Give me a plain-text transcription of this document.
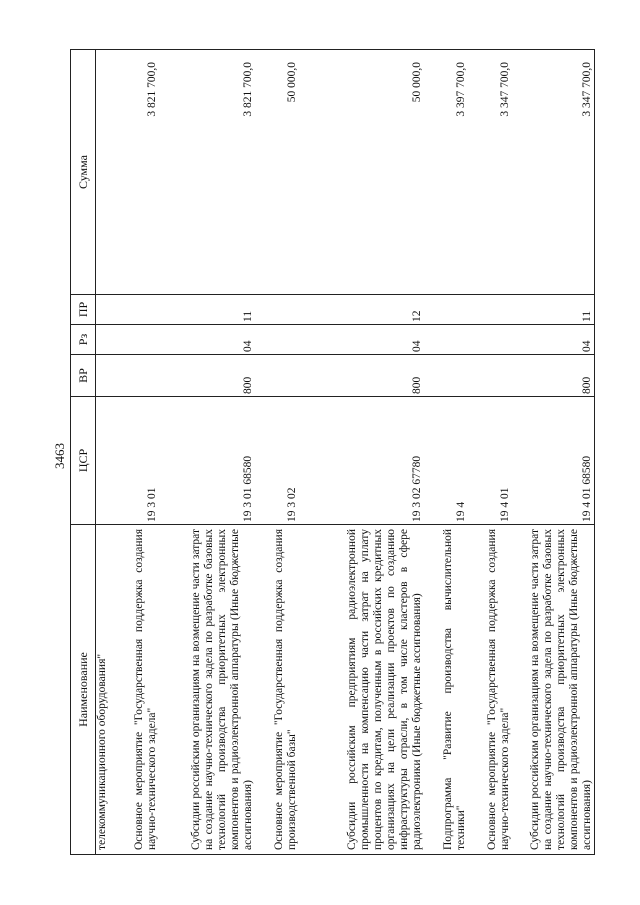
3463
Наименование	ЦСР	ВР	Рз	ПР	Сумма
телекоммуникационного оборудования"					
Основное мероприятие "Государственная поддержка создания научно-технического задела"	19 3 01				3 821 700,0
Субсидии российским организациям на возмещение части затрат на создание научно-технического задела по разработке базовых технологий производства приоритетных электронных компонентов и радиоэлектронной аппаратуры (Иные бюджетные ассигнования)	19 3 01 68580	800	04	11	3 821 700,0
Основное мероприятие "Государственная поддержка создания производственной базы"	19 3 02				50 000,0
Субсидии российским предприятиям радиоэлектронной промышленности на компенсацию части затрат на уплату процентов по кредитам, полученным в российских кредитных организациях на цели реализации проектов по созданию инфраструктуры отрасли, в том числе кластеров в сфере радиоэлектроники (Иные бюджетные ассигнования)	19 3 02 67780	800	04	12	50 000,0
Подпрограмма "Развитие производства вычислительной техники"	19 4				3 397 700,0
Основное мероприятие "Государственная поддержка создания научно-технического задела"	19 4 01				3 347 700,0
Субсидии российским организациям на возмещение части затрат на создание научно-технического задела по разработке базовых технологий производства приоритетных электронных компонентов и радиоэлектронной аппаратуры (Иные бюджетные ассигнования)	19 4 01 68580	800	04	11	3 347 700,0
